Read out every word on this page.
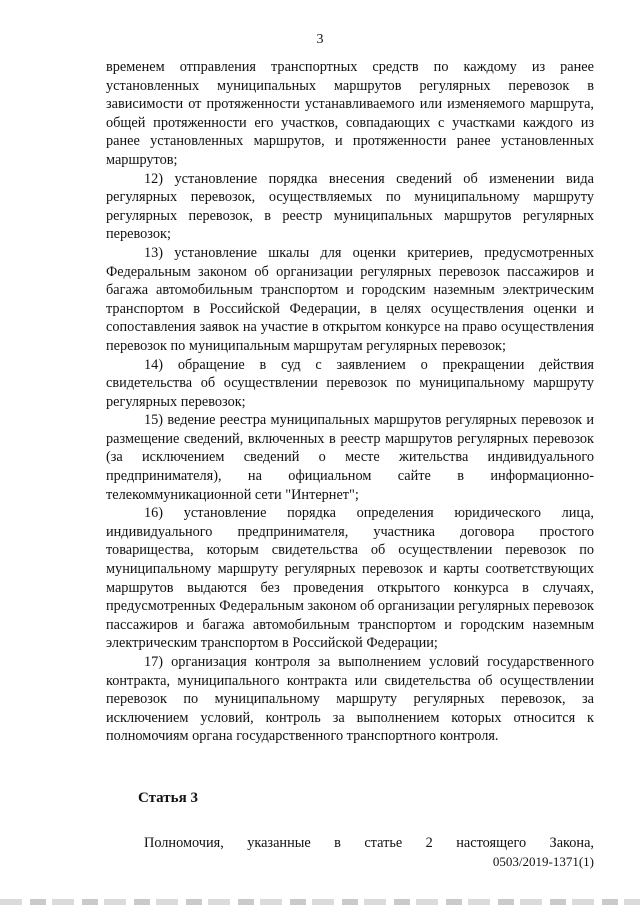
3

временем отправления транспортных средств по каждому из ранее установленных муниципальных маршрутов регулярных перевозок в зависимости от протяженности устанавливаемого или изменяемого маршрута, общей протяженности его участков, совпадающих с участками каждого из ранее установленных маршрутов, и протяженности ранее установленных маршрутов;

12) установление порядка внесения сведений об изменении вида регулярных перевозок, осуществляемых по муниципальному маршруту регулярных перевозок, в реестр муниципальных маршрутов регулярных перевозок;

13) установление шкалы для оценки критериев, предусмотренных Федеральным законом об организации регулярных перевозок пассажиров и багажа автомобильным транспортом и городским наземным электрическим транспортом в Российской Федерации, в целях осуществления оценки и сопоставления заявок на участие в открытом конкурсе на право осуществления перевозок по муниципальным маршрутам регулярных перевозок;

14) обращение в суд с заявлением о прекращении действия свидетельства об осуществлении перевозок по муниципальному маршруту регулярных перевозок;

15) ведение реестра муниципальных маршрутов регулярных перевозок и размещение сведений, включенных в реестр маршрутов регулярных перевозок (за исключением сведений о месте жительства индивидуального предпринимателя), на официальном сайте в информационно-телекоммуникационной сети "Интернет";

16) установление порядка определения юридического лица, индивидуального предпринимателя, участника договора простого товарищества, которым свидетельства об осуществлении перевозок по муниципальному маршруту регулярных перевозок и карты соответствующих маршрутов выдаются без проведения открытого конкурса в случаях, предусмотренных Федеральным законом об организации регулярных перевозок пассажиров и багажа автомобильным транспортом и городским наземным электрическим транспортом в Российской Федерации;

17) организация контроля за выполнением условий государственного контракта, муниципального контракта или свидетельства об осуществлении перевозок по муниципальному маршруту регулярных перевозок, за исключением условий, контроль за выполнением которых относится к полномочиям органа государственного транспортного контроля.

Статья 3
Полномочия, указанные в статье 2 настоящего Закона,
0503/2019-1371(1)
